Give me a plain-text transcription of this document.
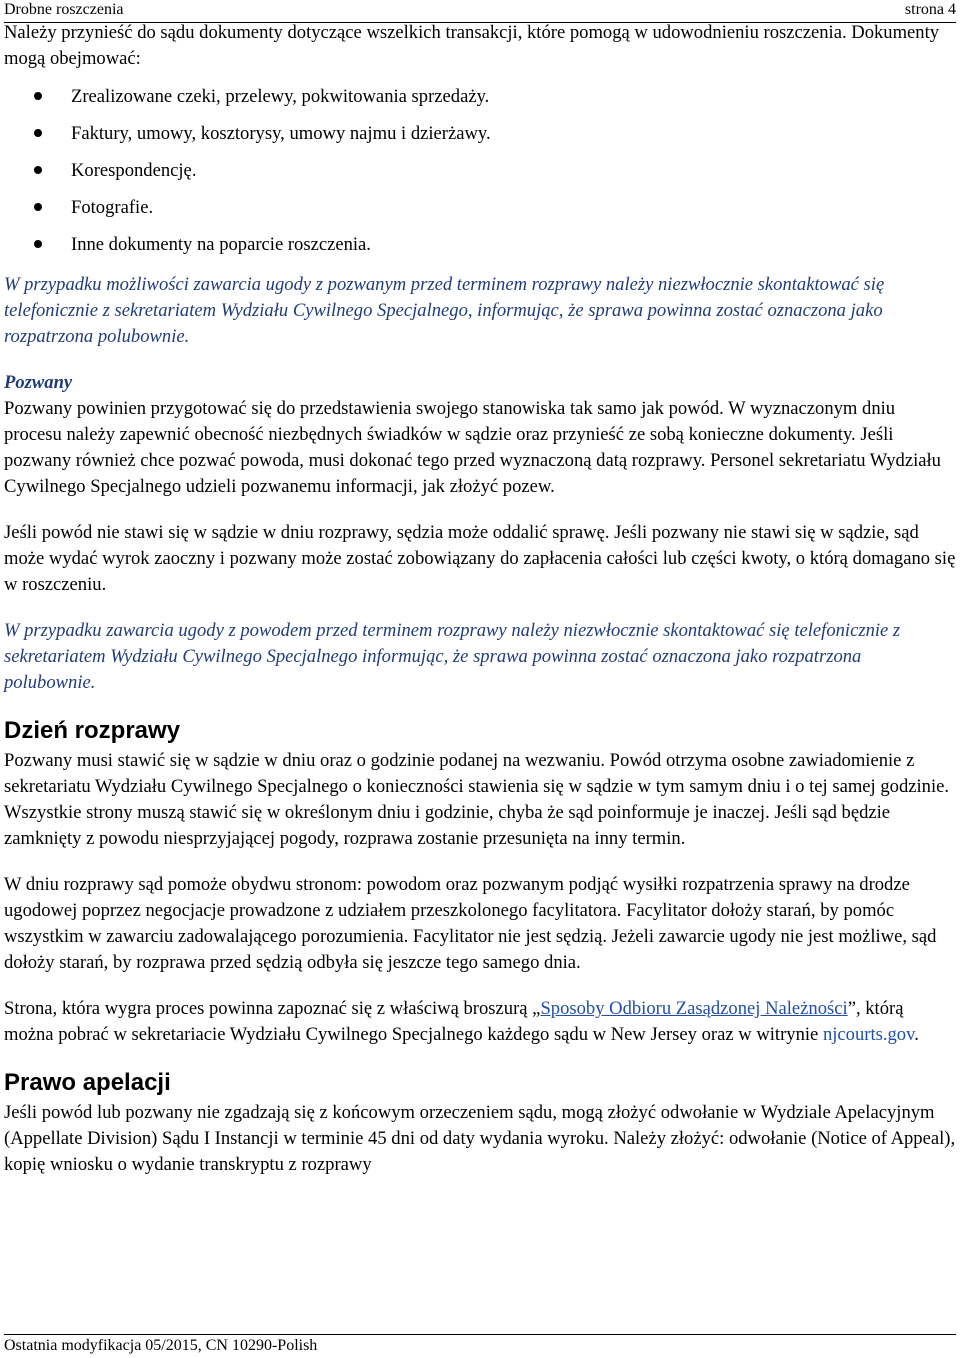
Drobne roszczenia	strona 4

Należy przynieść do sądu dokumenty dotyczące wszelkich transakcji, które pomogą w udowodnieniu roszczenia. Dokumenty mogą obejmować:

Zrealizowane czeki, przelewy, pokwitowania sprzedaży.
Faktury, umowy, kosztorysy, umowy najmu i dzierżawy.
Korespondencję.
Fotografie.
Inne dokumenty na poparcie roszczenia.

W przypadku możliwości zawarcia ugody z pozwanym przed terminem rozprawy należy niezwłocznie skontaktować się telefonicznie z sekretariatem Wydziału Cywilnego Specjalnego, informując, że sprawa powinna zostać oznaczona jako rozpatrzona polubownie.

Pozwany

Pozwany powinien przygotować się do przedstawienia swojego stanowiska tak samo jak powód. W wyznaczonym dniu procesu należy zapewnić obecność niezbędnych świadków w sądzie oraz przynieść ze sobą konieczne dokumenty. Jeśli pozwany również chce pozwać powoda, musi dokonać tego przed wyznaczoną datą rozprawy. Personel sekretariatu Wydziału Cywilnego Specjalnego udzieli pozwanemu informacji, jak złożyć pozew.

Jeśli powód nie stawi się w sądzie w dniu rozprawy, sędzia może oddalić sprawę. Jeśli pozwany nie stawi się w sądzie, sąd może wydać wyrok zaoczny i pozwany może zostać zobowiązany do zapłacenia całości lub części kwoty, o którą domagano się w roszczeniu.

W przypadku zawarcia ugody z powodem przed terminem rozprawy należy niezwłocznie skontaktować się telefonicznie z sekretariatem Wydziału Cywilnego Specjalnego informując, że sprawa powinna zostać oznaczona jako rozpatrzona polubownie.

Dzień rozprawy

Pozwany musi stawić się w sądzie w dniu oraz o godzinie podanej na wezwaniu. Powód otrzyma osobne zawiadomienie z sekretariatu Wydziału Cywilnego Specjalnego o konieczności stawienia się w sądzie w tym samym dniu i o tej samej godzinie. Wszystkie strony muszą stawić się w określonym dniu i godzinie, chyba że sąd poinformuje je inaczej. Jeśli sąd będzie zamknięty z powodu niesprzyjającej pogody, rozprawa zostanie przesunięta na inny termin.

W dniu rozprawy sąd pomoże obydwu stronom: powodom oraz pozwanym podjąć wysiłki rozpatrzenia sprawy na drodze ugodowej poprzez negocjacje prowadzone z udziałem przeszkolonego facylitatora. Facylitator dołoży starań, by pomóc wszystkim w zawarciu zadowalającego porozumienia. Facylitator nie jest sędzią. Jeżeli zawarcie ugody nie jest możliwe, sąd dołoży starań, by rozprawa przed sędzią odbyła się jeszcze tego samego dnia.

Strona, która wygra proces powinna zapoznać się z właściwą broszurą „Sposoby Odbioru Zasądzonej Należności”, którą można pobrać w sekretariacie Wydziału Cywilnego Specjalnego każdego sądu w New Jersey oraz w witrynie njcourts.gov.

Prawo apelacji

Jeśli powód lub pozwany nie zgadzają się z końcowym orzeczeniem sądu, mogą złożyć odwołanie w Wydziale Apelacyjnym (Appellate Division) Sądu I Instancji w terminie 45 dni od daty wydania wyroku. Należy złożyć: odwołanie (Notice of Appeal), kopię wniosku o wydanie transkryptu z rozprawy

Ostatnia modyfikacja 05/2015, CN 10290-Polish
